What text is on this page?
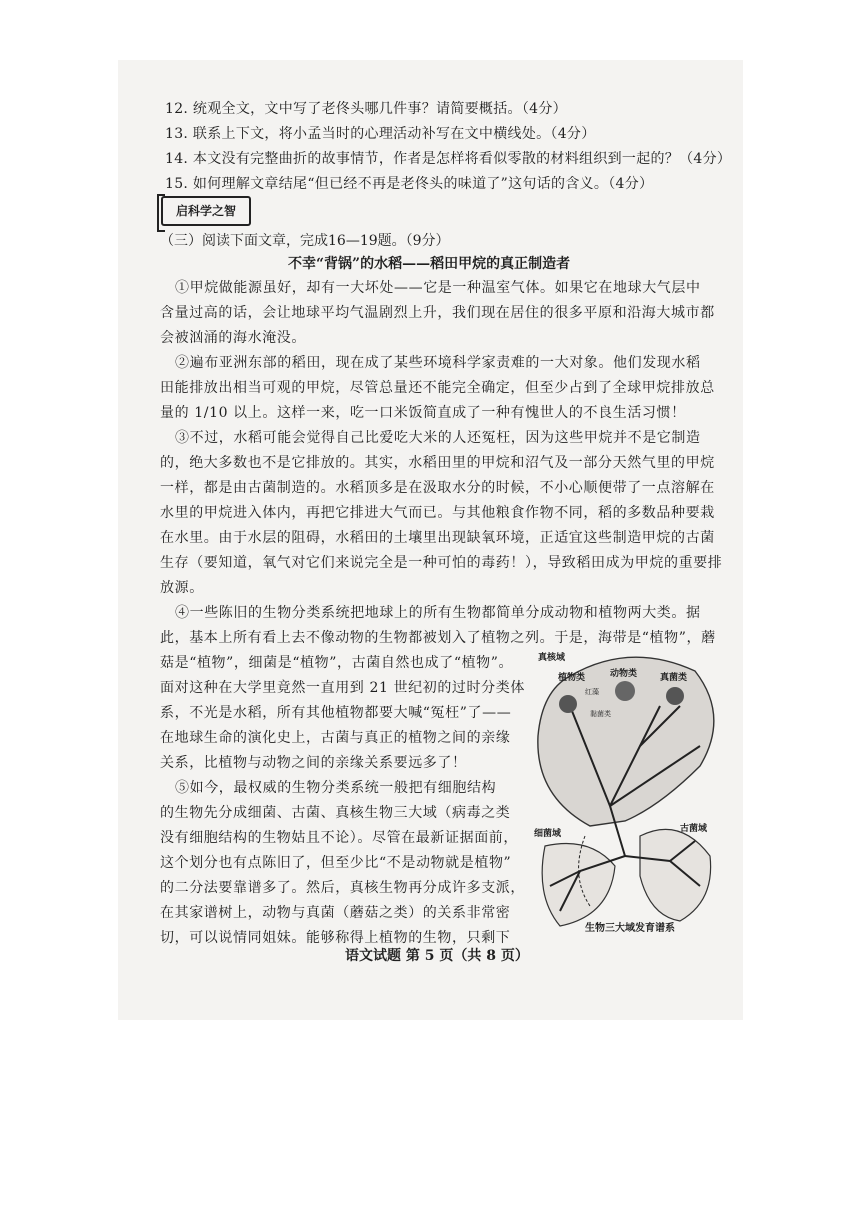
12. 统观全文，文中写了老佟头哪几件事？请简要概括。（4分）
13. 联系上下文，将小孟当时的心理活动补写在文中横线处。（4分）
14. 本文没有完整曲折的故事情节，作者是怎样将看似零散的材料组织到一起的？（4分）
15. 如何理解文章结尾“但已经不再是老佟头的味道了”这句话的含义。（4分）
启科学之智
（三）阅读下面文章，完成16—19题。（9分）
不幸“背锅”的水稻——稻田甲烷的真正制造者
①甲烷做能源虽好，却有一大坏处——它是一种温室气体。如果它在地球大气层中
含量过高的话，会让地球平均气温剧烈上升，我们现在居住的很多平原和沿海大城市都
会被汹涌的海水淹没。
②遍布亚洲东部的稻田，现在成了某些环境科学家责难的一大对象。他们发现水稻
田能排放出相当可观的甲烷，尽管总量还不能完全确定，但至少占到了全球甲烷排放总
量的 1/10 以上。这样一来，吃一口米饭简直成了一种有愧世人的不良生活习惯！
③不过，水稻可能会觉得自己比爱吃大米的人还冤枉，因为这些甲烷并不是它制造
的，绝大多数也不是它排放的。其实，水稻田里的甲烷和沼气及一部分天然气里的甲烷
一样，都是由古菌制造的。水稻顶多是在汲取水分的时候，不小心顺便带了一点溶解在
水里的甲烷进入体内，再把它排进大气而已。与其他粮食作物不同，稻的多数品种要栽
在水里。由于水层的阻碍，水稻田的土壤里出现缺氧环境，正适宜这些制造甲烷的古菌
生存（要知道，氧气对它们来说完全是一种可怕的毒药！），导致稻田成为甲烷的重要排
放源。
④一些陈旧的生物分类系统把地球上的所有生物都简单分成动物和植物两大类。据
此，基本上所有看上去不像动物的生物都被划入了植物之列。于是，海带是“植物”，蘑
菇是“植物”，细菌是“植物”，古菌自然也成了“植物”。
面对这种在大学里竟然一直用到 21 世纪初的过时分类体
系，不光是水稻，所有其他植物都要大喊“冤枉”了——
在地球生命的演化史上，古菌与真正的植物之间的亲缘
关系，比植物与动物之间的亲缘关系要远多了！
⑤如今，最权威的生物分类系统一般把有细胞结构
的生物先分成细菌、古菌、真核生物三大域（病毒之类
没有细胞结构的生物姑且不论）。尽管在最新证据面前，
这个划分也有点陈旧了，但至少比“不是动物就是植物”
的二分法要靠谱多了。然后，真核生物再分成许多支派，
在其家谱树上，动物与真菌（蘑菇之类）的关系非常密
切，可以说情同姐妹。能够称得上植物的生物，只剩下
真核域
植物类	动物类	真菌类
红藻
黏菌类
细菌域	古菌域
生物三大域发育谱系
语文试题 第 5 页（共 8 页）
